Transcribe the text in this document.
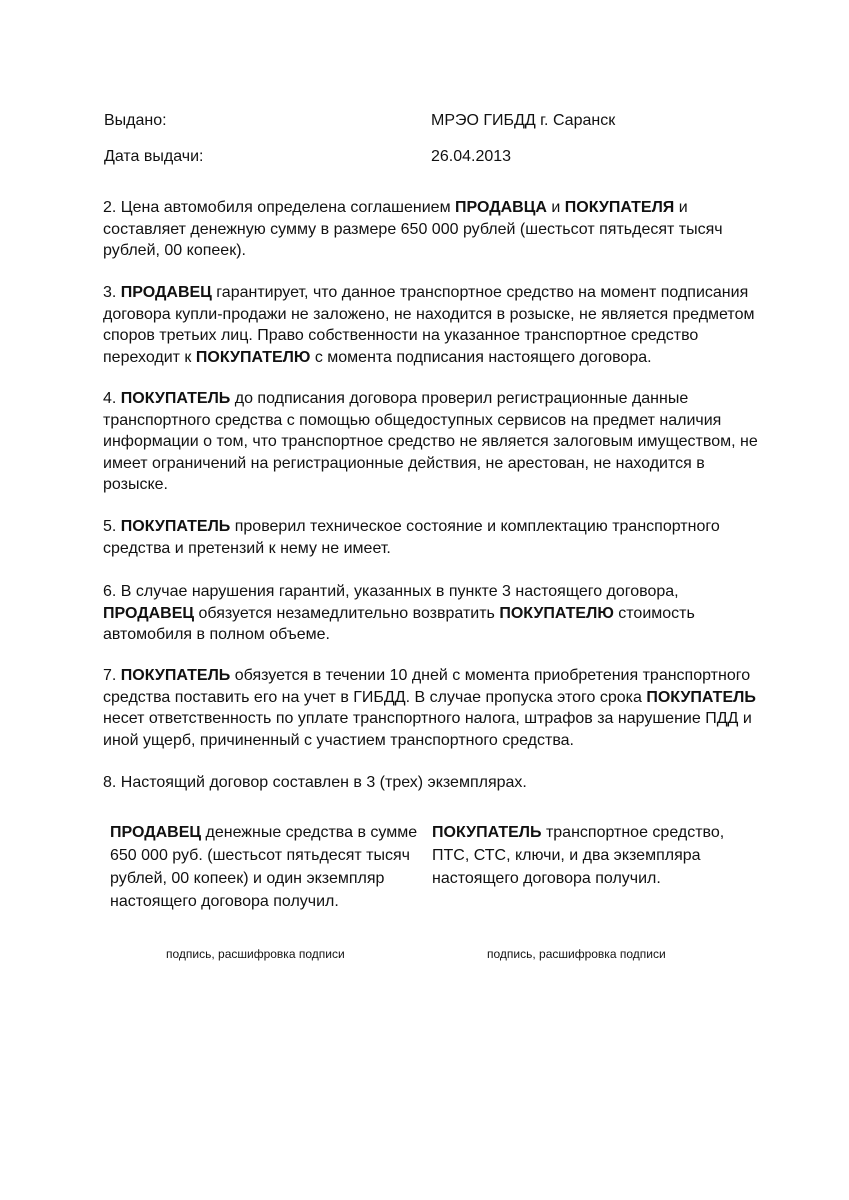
Выдано:	МРЭО ГИБДД г. Саранск
Дата выдачи:	26.04.2013

2. Цена автомобиля определена соглашением ПРОДАВЦА и ПОКУПАТЕЛЯ и составляет денежную сумму в размере 650 000 рублей (шестьсот пятьдесят тысяч рублей, 00 копеек).

3. ПРОДАВЕЦ гарантирует, что данное транспортное средство на момент подписания договора купли-продажи не заложено, не находится в розыске, не является предметом споров третьих лиц. Право собственности на указанное транспортное средство переходит к ПОКУПАТЕЛЮ с момента подписания настоящего договора.

4. ПОКУПАТЕЛЬ до подписания договора проверил регистрационные данные транспортного средства с помощью общедоступных сервисов на предмет наличия информации о том, что транспортное средство не является залоговым имуществом, не имеет ограничений на регистрационные действия, не арестован, не находится в розыске.

5. ПОКУПАТЕЛЬ проверил техническое состояние и комплектацию транспортного средства и претензий к нему не имеет.

6. В случае нарушения гарантий, указанных в пункте 3 настоящего договора, ПРОДАВЕЦ обязуется незамедлительно возвратить ПОКУПАТЕЛЮ стоимость автомобиля в полном объеме.

7. ПОКУПАТЕЛЬ обязуется в течении 10 дней с момента приобретения транспортного средства поставить его на учет в ГИБДД. В случае пропуска этого срока ПОКУПАТЕЛЬ несет ответственность по уплате транспортного налога, штрафов за нарушение ПДД и иной ущерб, причиненный с участием транспортного средства.

8. Настоящий договор составлен в 3 (трех) экземплярах.

ПРОДАВЕЦ денежные средства в сумме 650 000 руб. (шестьсот пятьдесят тысяч рублей, 00 копеек) и один экземпляр настоящего договора получил.

ПОКУПАТЕЛЬ транспортное средство, ПТС, СТС, ключи, и два экземпляра настоящего договора получил.

подпись, расшифровка подписи	подпись, расшифровка подписи
